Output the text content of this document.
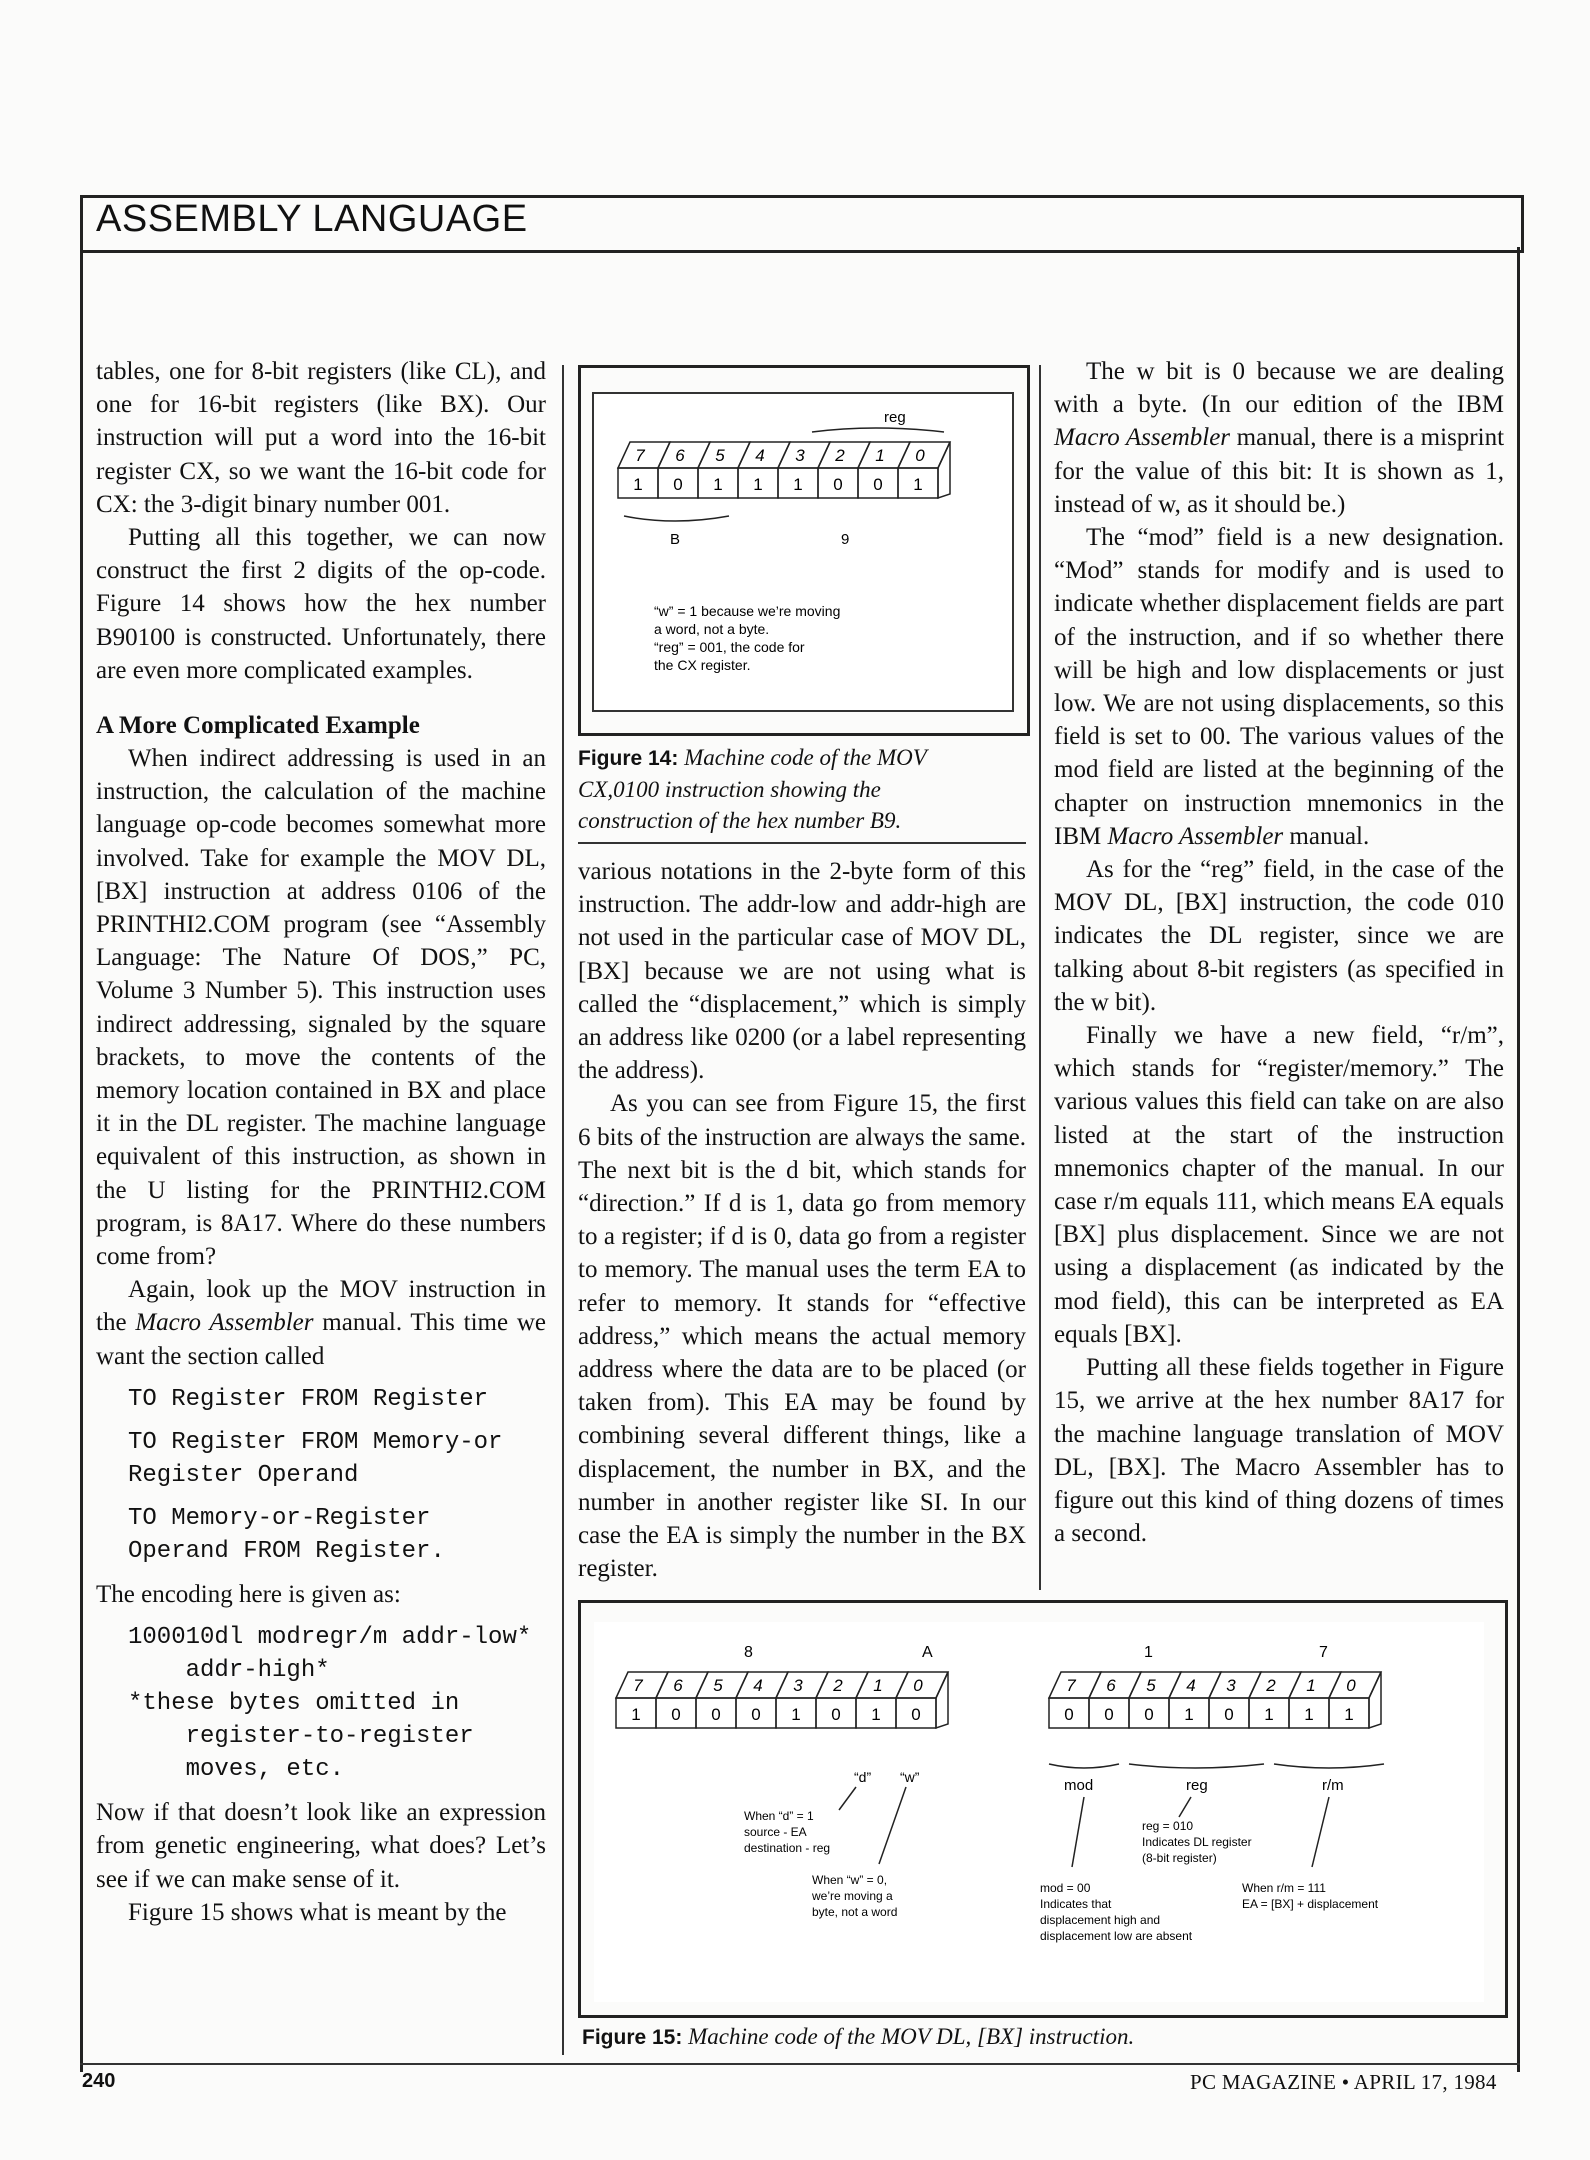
ASSEMBLY LANGUAGE

tables, one for 8-bit registers (like CL), and one for 16-bit registers (like BX). Our instruction will put a word into the 16-bit register CX, so we want the 16-bit code for CX: the 3-digit binary number 001.

Putting all this together, we can now construct the first 2 digits of the op-code. Figure 14 shows how the hex number B90100 is constructed. Unfortunately, there are even more complicated examples.

A More Complicated Example

When indirect addressing is used in an instruction, the calculation of the machine language op-code becomes somewhat more involved. Take for example the MOV DL, [BX] instruction at address 0106 of the PRINTHI2.COM program (see “Assembly Language: The Nature Of DOS,” PC, Volume 3 Number 5). This instruction uses indirect addressing, signaled by the square brackets, to move the contents of the memory location contained in BX and place it in the DL register. The machine language equivalent of this instruction, as shown in the U listing for the PRINTHI2.COM program, is 8A17. Where do these numbers come from?

Again, look up the MOV instruction in the Macro Assembler manual. This time we want the section called

TO Register FROM Register
TO Register FROM Memory-or
Register Operand
TO Memory-or-Register
Operand FROM Register.

The encoding here is given as:

100010dl modregr/m addr-low*
addr-high*
*these bytes omitted in
register-to-register
moves, etc.

Now if that doesn’t look like an expression from genetic engineering, what does? Let’s see if we can make sense of it.

Figure 15 shows what is meant by the

reg
7 6 5 4 3 2 1 0
1 0 1 1 1 0 0 1
B	9
“w” = 1 because we’re moving
a word, not a byte.
“reg” = 001, the code for
the CX register.
Figure 14: Machine code of the MOV CX,0100 instruction showing the construction of the hex number B9.

various notations in the 2-byte form of this instruction. The addr-low and addr-high are not used in the particular case of MOV DL, [BX] because we are not using what is called the “displacement,” which is simply an address like 0200 (or a label representing the address).

As you can see from Figure 15, the first 6 bits of the instruction are always the same. The next bit is the d bit, which stands for “direction.” If d is 1, data go from memory to a register; if d is 0, data go from a register to memory. The manual uses the term EA to refer to memory. It stands for “effective address,” which means the actual memory address where the data are to be placed (or taken from). This EA may be found by combining several different things, like a displacement, the number in BX, and the number in another register like SI. In our case the EA is simply the number in the BX register.

The w bit is 0 because we are dealing with a byte. (In our edition of the IBM Macro Assembler manual, there is a misprint for the value of this bit: It is shown as 1, instead of w, as it should be.)

The “mod” field is a new designation. “Mod” stands for modify and is used to indicate whether displacement fields are part of the instruction, and if so whether there will be high and low displacements or just low. We are not using displacements, so this field is set to 00. The various values of the mod field are listed at the beginning of the chapter on instruction mnemonics in the IBM Macro Assembler manual.

As for the “reg” field, in the case of the MOV DL, [BX] instruction, the code 010 indicates the DL register, since we are talking about 8-bit registers (as specified in the w bit).

Finally we have a new field, “r/m”, which stands for “register/memory.” The various values this field can take on are also listed at the start of the instruction mnemonics chapter of the manual. In our case r/m equals 111, which means EA equals [BX] plus displacement. Since we are not using a displacement (as indicated by the mod field), this can be interpreted as EA equals [BX].

Putting all these fields together in Figure 15, we arrive at the hex number 8A17 for the machine language translation of MOV DL, [BX]. The Macro Assembler has to figure out this kind of thing dozens of times a second.

8	A	1	7
7 6 5 4 3 2 1 0
1 0 0 0 1 0 1 0
7 6 5 4 3 2 1 0
0 0 0 1 0 1 1 1
“d” “w”	mod	reg	r/m
When “d” = 1
source - EA
destination - reg
When “w” = 0,
we’re moving a
byte, not a word
reg = 010
Indicates DL register
(8-bit register)
mod = 00
Indicates that
displacement high and
displacement low are absent
When r/m = 111
EA = [BX] + displacement
Figure 15: Machine code of the MOV DL, [BX] instruction.
240	PC MAGAZINE • APRIL 17, 1984
